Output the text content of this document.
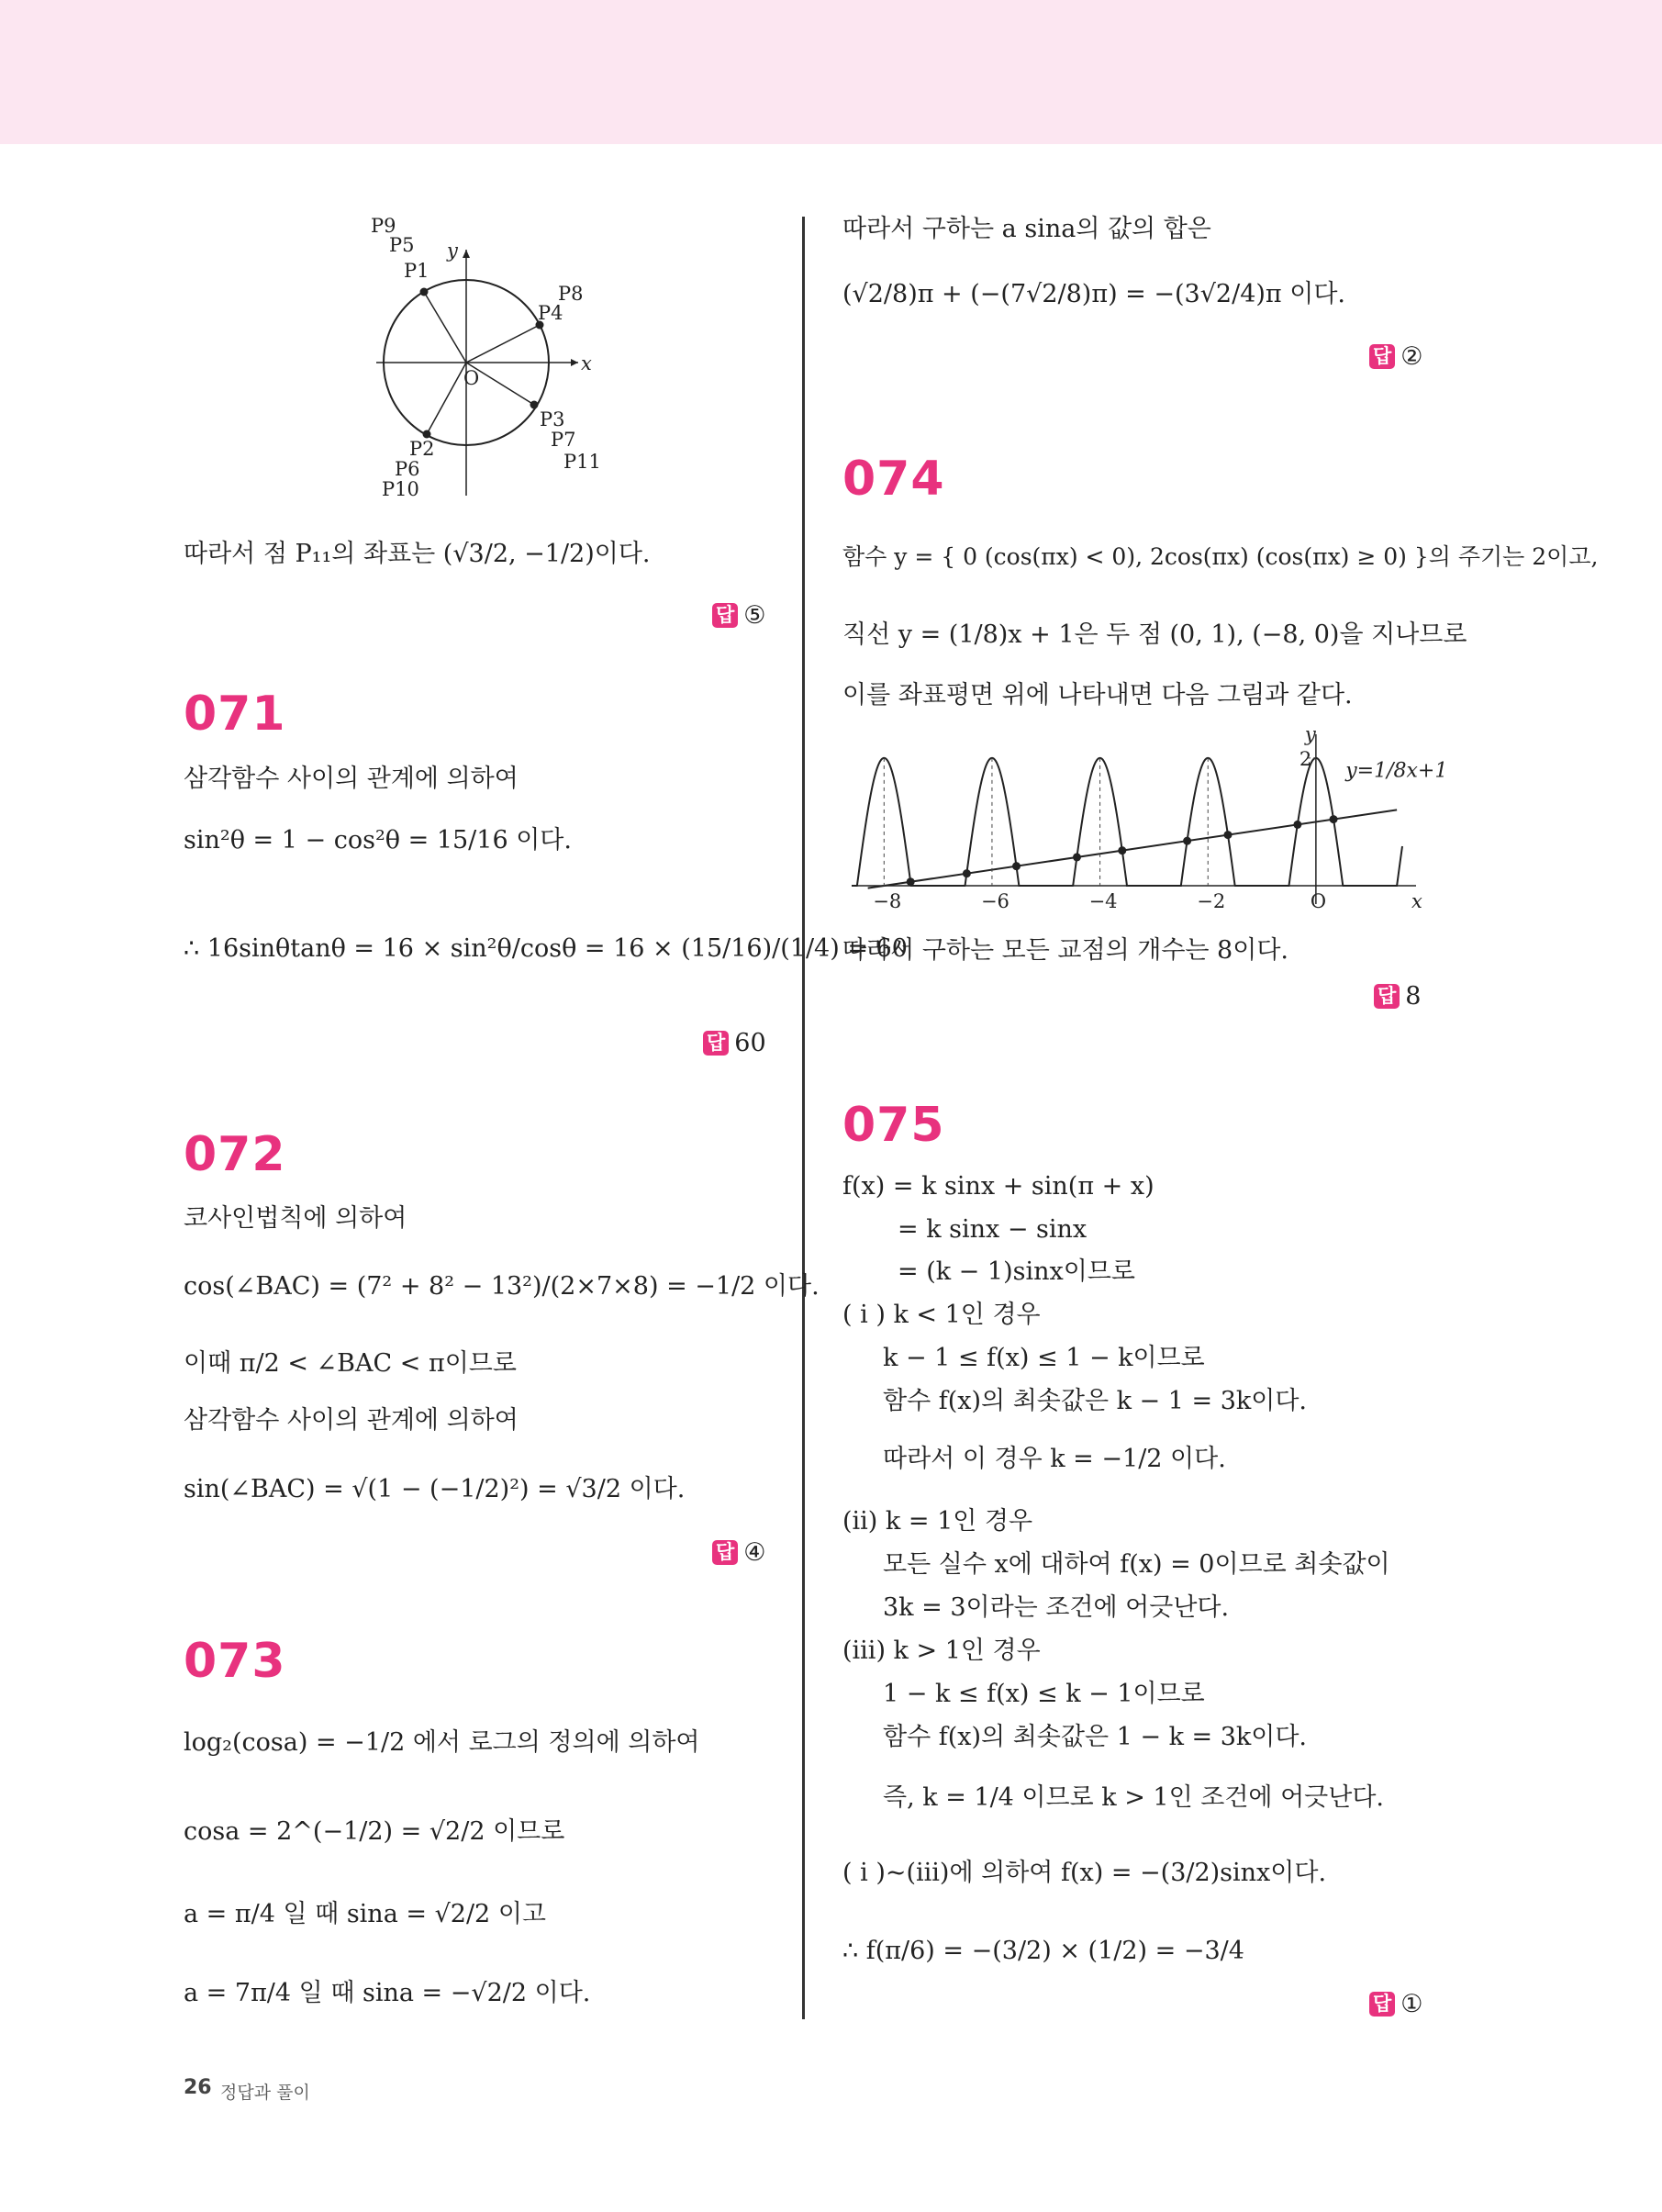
P9
P5
P1
P8
P4
O
P3
P7
P11
P2
P6
P10
x
y
따라서 점 P₁₁의 좌표는 (√3/2, −1/2)이다.
답 ⑤
071
삼각함수 사이의 관계에 의하여
sin²θ = 1 − cos²θ = 15/16 이다.
∴ 16sinθtanθ = 16 × sin²θ/cosθ = 16 × (15/16)/(1/4) = 60
답 60
072
코사인법칙에 의하여
cos(∠BAC) = (7² + 8² − 13²)/(2×7×8) = −1/2 이다.
이때 π/2 < ∠BAC < π이므로
삼각함수 사이의 관계에 의하여
sin(∠BAC) = √(1 − (−1/2)²) = √3/2 이다.
답 ④
073
log₂(cosa) = −1/2 에서 로그의 정의에 의하여
cosa = 2^(−1/2) = √2/2 이므로
a = π/4 일 때 sina = √2/2 이고
a = 7π/4 일 때 sina = −√2/2 이다.
따라서 구하는 a sina의 값의 합은
(√2/8)π + (−(7√2/8)π) = −(3√2/4)π 이다.
답 ②
074
함수 y = { 0 (cos(πx) < 0), 2cos(πx) (cos(πx) ≥ 0) }의 주기는 2이고,
직선 y = (1/8)x + 1은 두 점 (0, 1), (−8, 0)을 지나므로
이를 좌표평면 위에 나타내면 다음 그림과 같다.
−8	−6	−4	−2	O
2
x
y
y=1/8x+1
따라서 구하는 모든 교점의 개수는 8이다.
답 8
075
f(x) = k sinx + sin(π + x)
= k sinx − sinx
= (k − 1)sinx이므로
( i ) k < 1인 경우
k − 1 ≤ f(x) ≤ 1 − k이므로
함수 f(x)의 최솟값은 k − 1 = 3k이다.
따라서 이 경우 k = −1/2 이다.
(ii) k = 1인 경우
모든 실수 x에 대하여 f(x) = 0이므로 최솟값이
3k = 3이라는 조건에 어긋난다.
(iii) k > 1인 경우
1 − k ≤ f(x) ≤ k − 1이므로
함수 f(x)의 최솟값은 1 − k = 3k이다.
즉, k = 1/4 이므로 k > 1인 조건에 어긋난다.
( i )~(iii)에 의하여 f(x) = −(3/2)sinx이다.
∴ f(π/6) = −(3/2) × (1/2) = −3/4
답 ①
26 정답과 풀이
